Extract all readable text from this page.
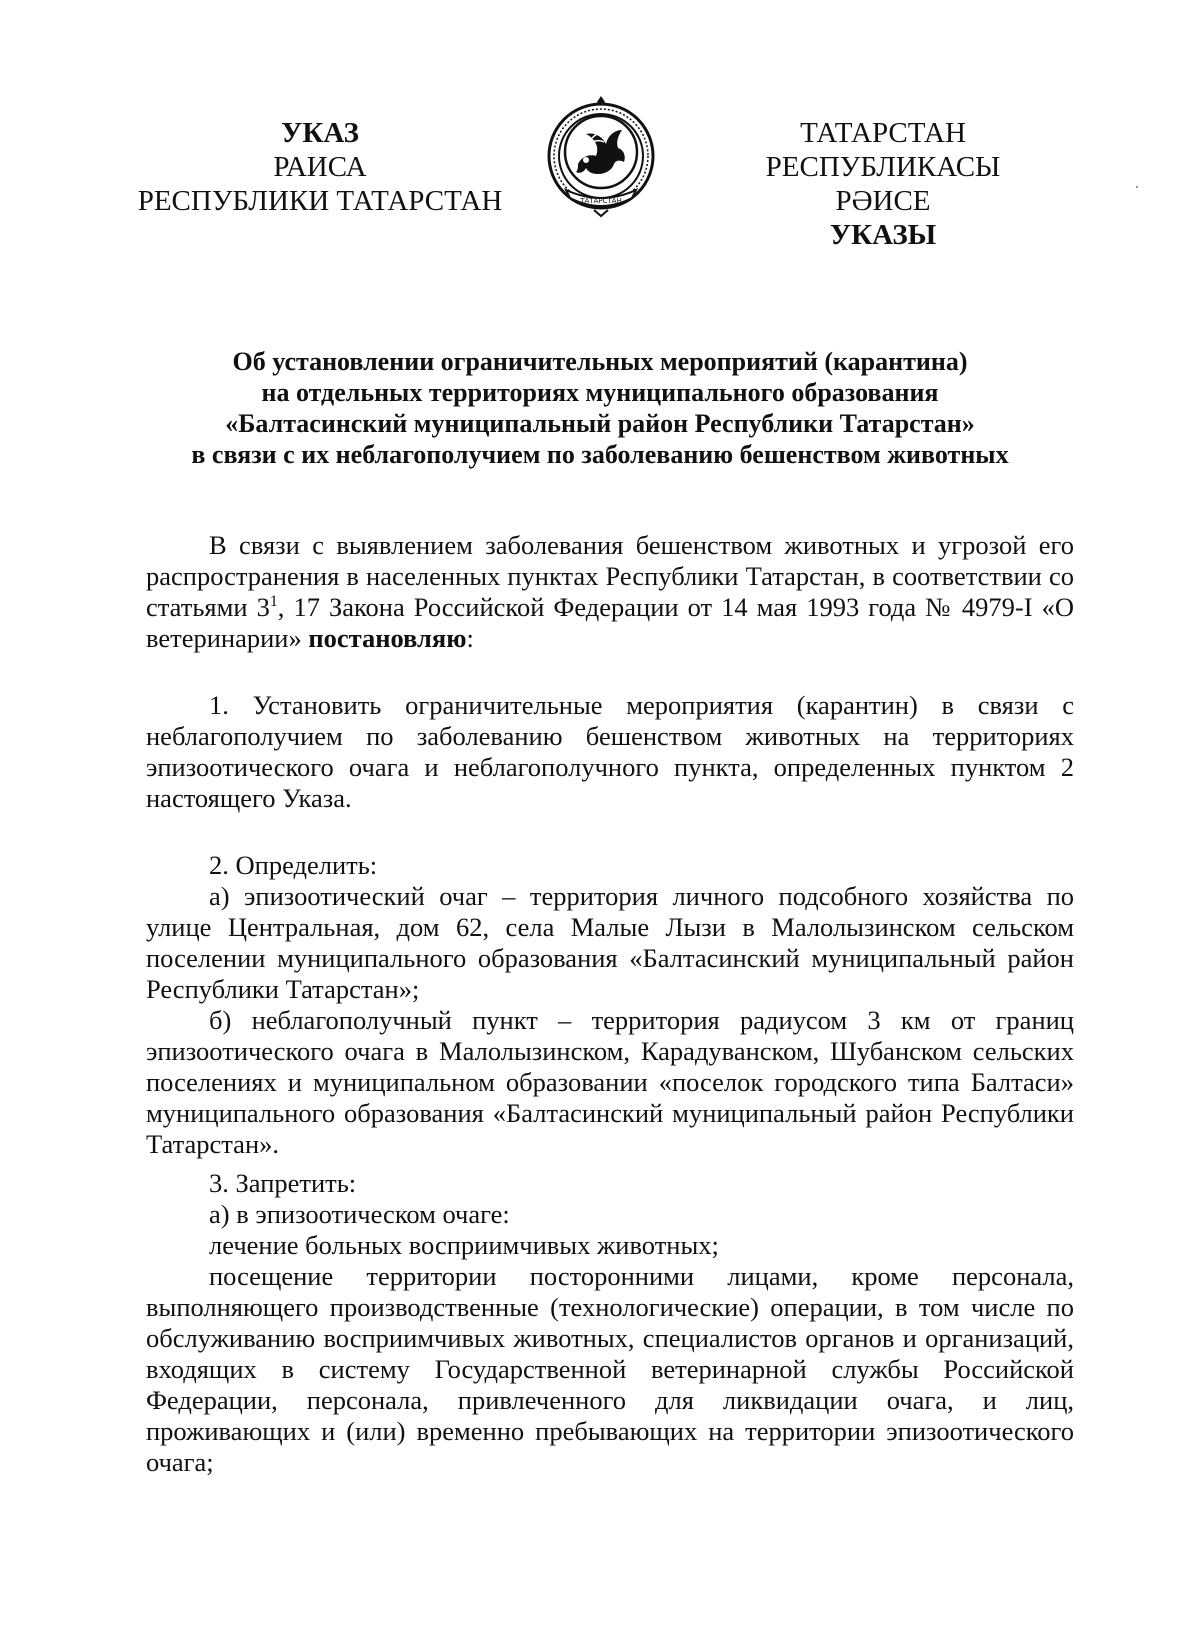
УКАЗ
РАИСА
РЕСПУБЛИКИ ТАТАРСТАН	ТАТАРСТАН
ТАТАРСТАН РЕСПУБЛИКАСЫ
РӘИСЕ
УКАЗЫ
Об установлении ограничительных мероприятий (карантина)
на отдельных территориях муниципального образования
«Балтасинский муниципальный район Республики Татарстан»
в связи с их неблагополучием по заболеванию бешенством животных

В связи с выявлением заболевания бешенством животных и угрозой его распространения в населенных пунктах Республики Татарстан, в соответствии со статьями $3^1$, 17 Закона Российской Федерации от 14 мая 1993 года № 4979-I «О ветеринарии» постановляю:

1. Установить ограничительные мероприятия (карантин) в связи с неблагополучием по заболеванию бешенством животных на территориях эпизоотического очага и неблагополучного пункта, определенных пунктом 2 настоящего Указа.

2. Определить:

а) эпизоотический очаг – территория личного подсобного хозяйства по улице Центральная, дом 62, села Малые Лызи в Малолызинском сельском поселении муниципального образования «Балтасинский муниципальный район Республики Татарстан»;

б) неблагополучный пункт – территория радиусом 3 км от границ эпизоотического очага в Малолызинском, Карадуванском, Шубанском сельских поселениях и муниципальном образовании «поселок городского типа Балтаси» муниципального образования «Балтасинский муниципальный район Республики Татарстан».

3. Запретить:

а) в эпизоотическом очаге:

лечение больных восприимчивых животных;

посещение территории посторонними лицами, кроме персонала, выполняющего производственные (технологические) операции, в том числе по обслуживанию восприимчивых животных, специалистов органов и организаций, входящих в систему Государственной ветеринарной службы Российской Федерации, персонала, привлеченного для ликвидации очага, и лиц, проживающих и (или) временно пребывающих на территории эпизоотического очага;
